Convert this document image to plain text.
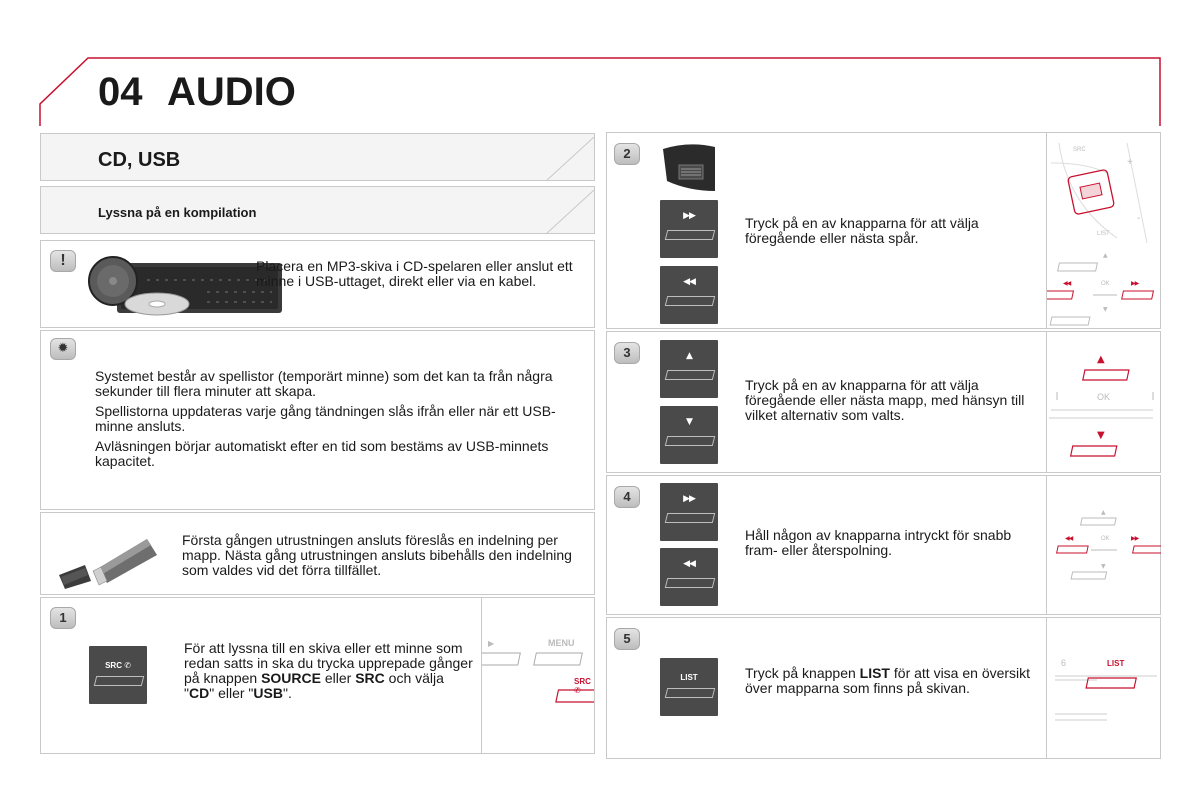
04 AUDIO
CD, USB
Lyssna på en kompilation
!	Placera en MP3-skiva i CD-spelaren eller anslut ett minne i USB-uttaget, direkt eller via en kabel.
✹

Systemet består av spellistor (temporärt minne) som det kan ta från några sekunder till flera minuter att skapa.

Spellistorna uppdateras varje gång tändningen slås ifrån eller när ett USB-minne ansluts.

Avläsningen börjar automatiskt efter en tid som bestäms av USB-minnets kapacitet.

Första gången utrustningen ansluts föreslås en indelning per mapp. Nästa gång utrustningen ansluts bibehålls den indelning som valdes vid det förra tillfället.
1
SRC ✆
För att lyssna till en skiva eller ett minne som redan satts in ska du trycka upprepade gånger på knappen SOURCE eller SRC och välja "CD" eller "USB".
▶	MENU
SRC ✆
2
▶▶
◀◀
Tryck på en av knapparna för att välja föregående eller nästa spår.
SRC
+
-
LIST
▲
◀◀	OK	▶▶
▼
3	▲
▼
Tryck på en av knapparna för att välja föregående eller nästa mapp, med hänsyn till vilket alternativ som valts.
▲
OK
▼
4	▶▶
◀◀
Håll någon av knapparna intryckt för snabb fram- eller återspolning.
▲
◀◀	OK	▶▶
▼
5
LIST	Tryck på knappen LIST för att visa en översikt över mapparna som finns på skivan.
6	LIST
